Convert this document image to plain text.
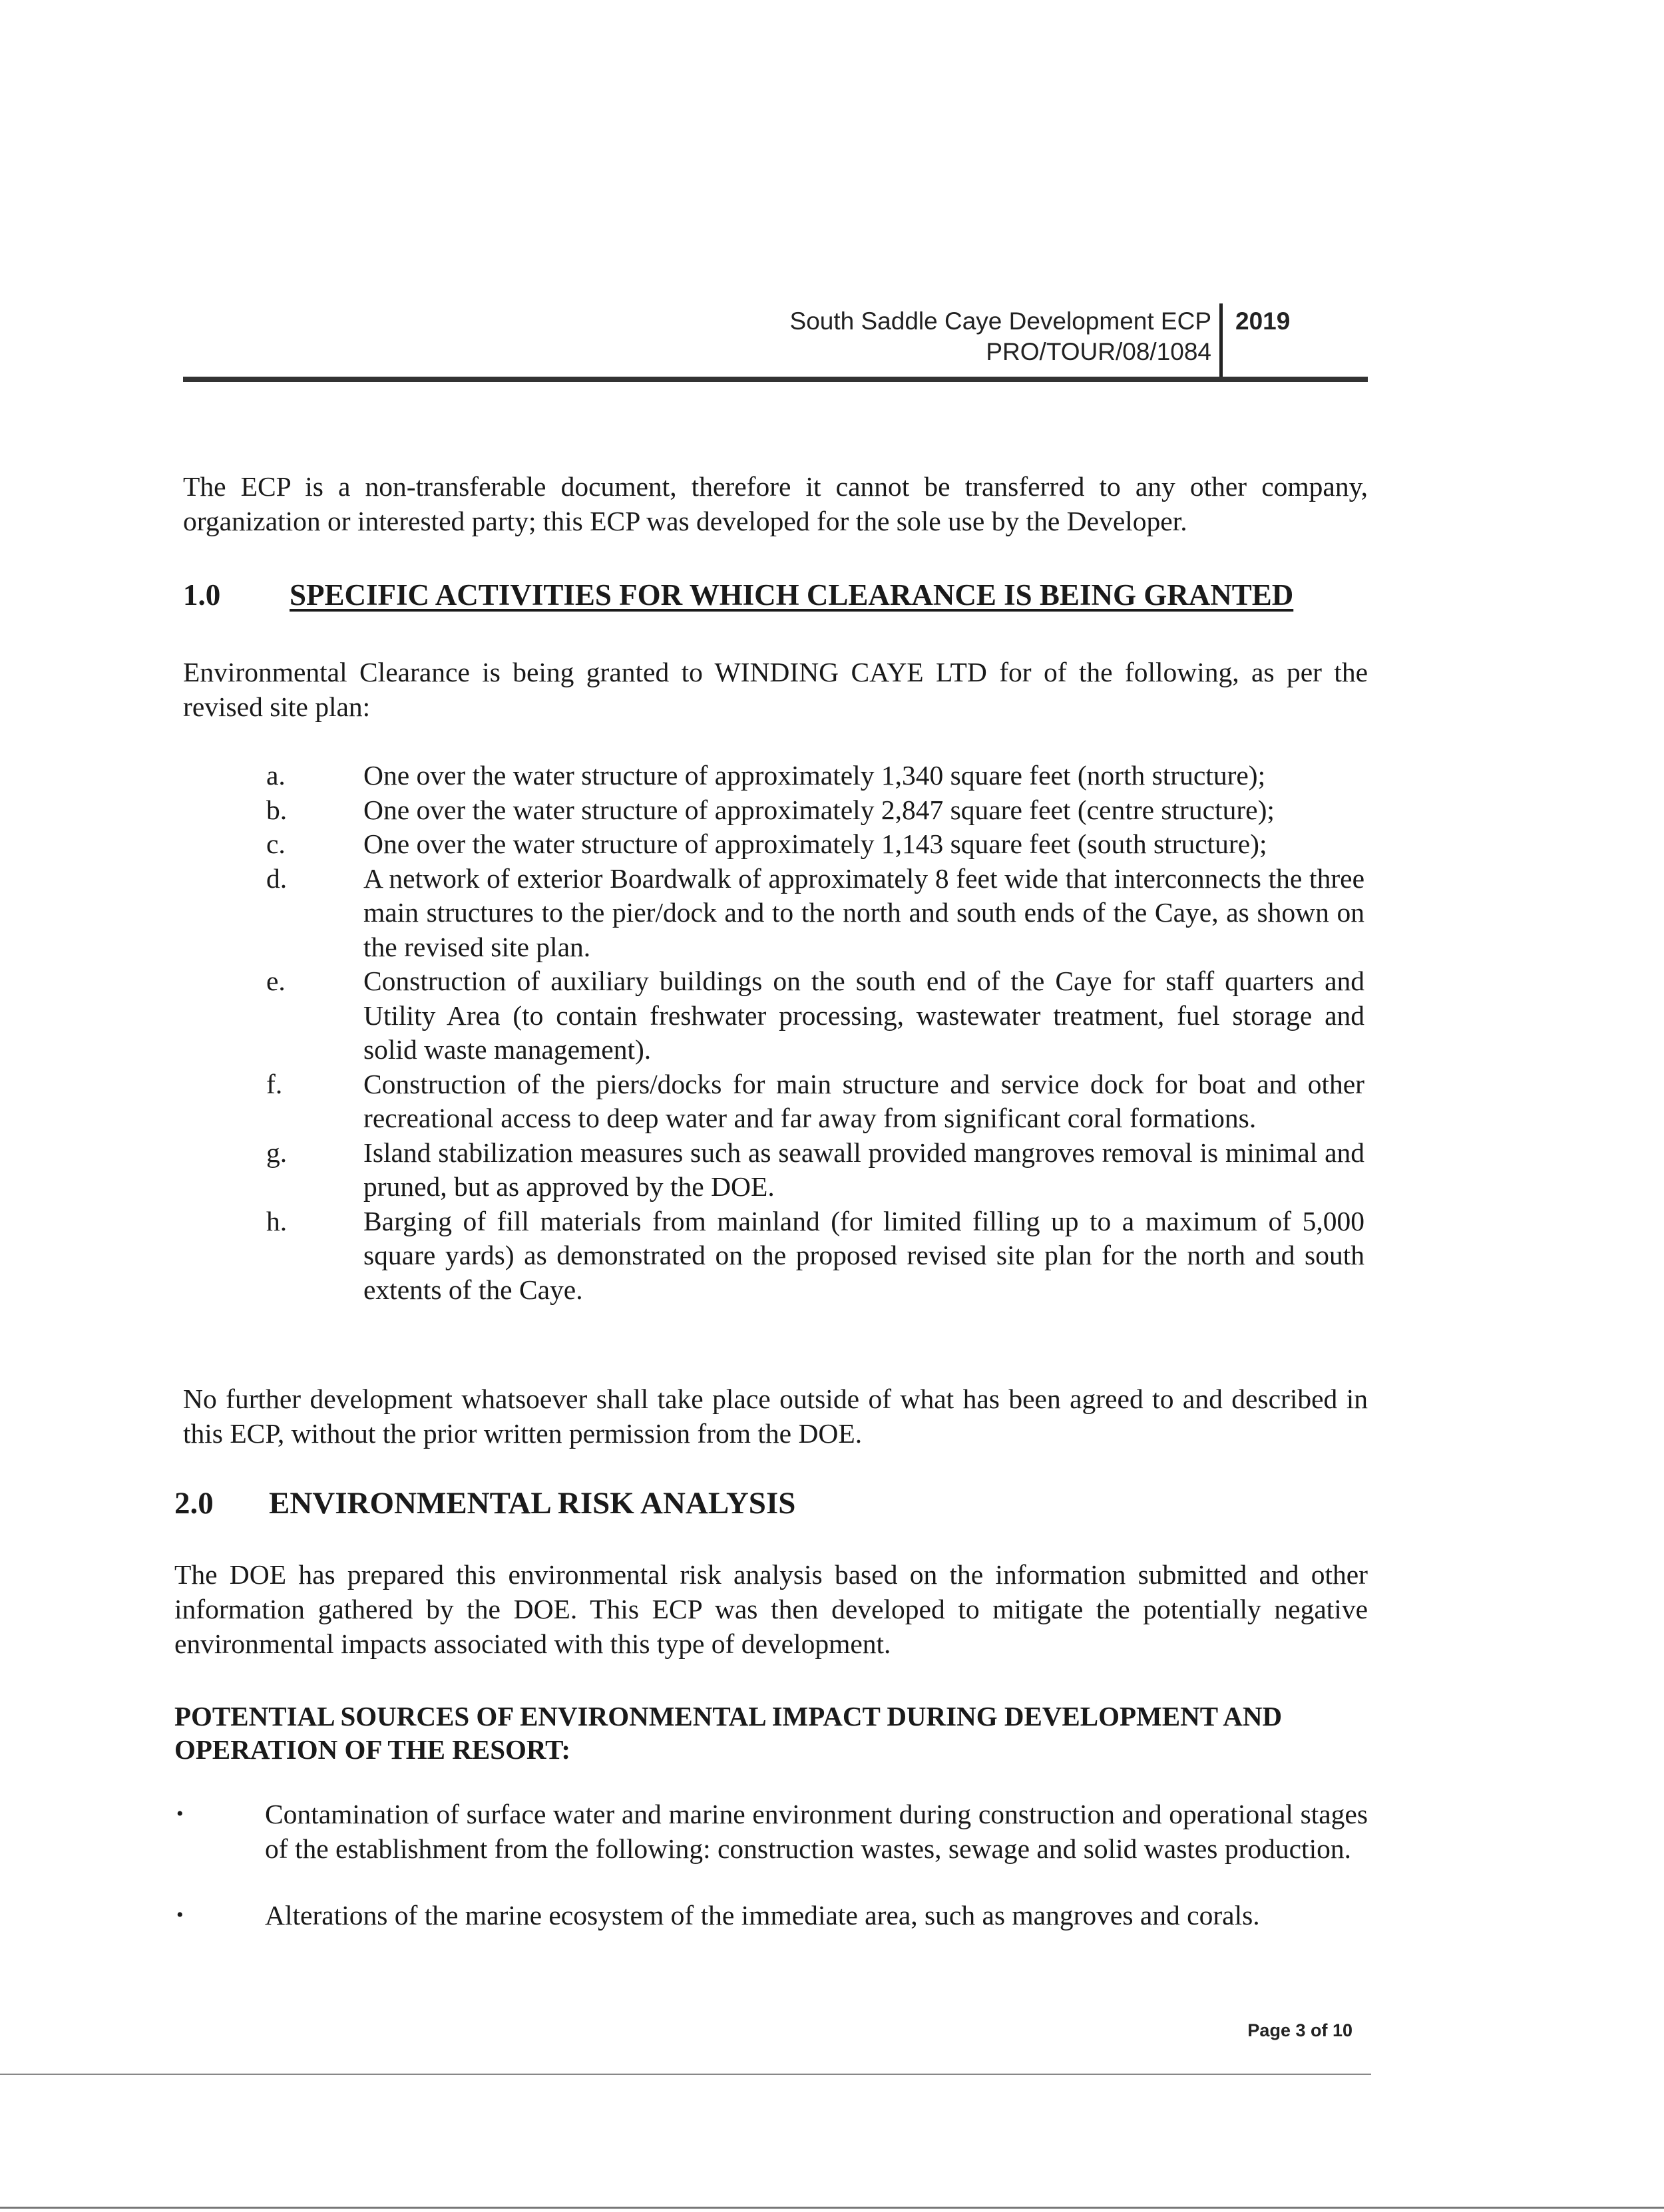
South Saddle Caye Development ECP
PRO/TOUR/08/1084
2019
The ECP is a non-transferable document, therefore it cannot be transferred to any other company, organization or interested party; this ECP was developed for the sole use by the Developer.
1.0 SPECIFIC ACTIVITIES FOR WHICH CLEARANCE IS BEING GRANTED
Environmental Clearance is being granted to WINDING CAYE LTD for of the following, as per the revised site plan:
a.	One over the water structure of approximately 1,340 square feet (north structure);
b.	One over the water structure of approximately 2,847 square feet (centre structure);
c.	One over the water structure of approximately 1,143 square feet (south structure);
d.	A network of exterior Boardwalk of approximately 8 feet wide that interconnects the three main structures to the pier/dock and to the north and south ends of the Caye, as shown on the revised site plan.
e.	Construction of auxiliary buildings on the south end of the Caye for staff quarters and Utility Area (to contain freshwater processing, wastewater treatment, fuel storage and solid waste management).
f.	Construction of the piers/docks for main structure and service dock for boat and other recreational access to deep water and far away from significant coral formations.
g.	Island stabilization measures such as seawall provided mangroves removal is minimal and pruned, but as approved by the DOE.
h.	Barging of fill materials from mainland (for limited filling up to a maximum of 5,000 square yards) as demonstrated on the proposed revised site plan for the north and south extents of the Caye.
No further development whatsoever shall take place outside of what has been agreed to and described in this ECP, without the prior written permission from the DOE.
2.0 ENVIRONMENTAL RISK ANALYSIS
The DOE has prepared this environmental risk analysis based on the information submitted and other information gathered by the DOE. This ECP was then developed to mitigate the potentially negative environmental impacts associated with this type of development.
POTENTIAL SOURCES OF ENVIRONMENTAL IMPACT DURING DEVELOPMENT AND OPERATION OF THE RESORT:
•	Contamination of surface water and marine environment during construction and operational stages of the establishment from the following: construction wastes, sewage and solid wastes production.
•	Alterations of the marine ecosystem of the immediate area, such as mangroves and corals.
Page 3 of 10
